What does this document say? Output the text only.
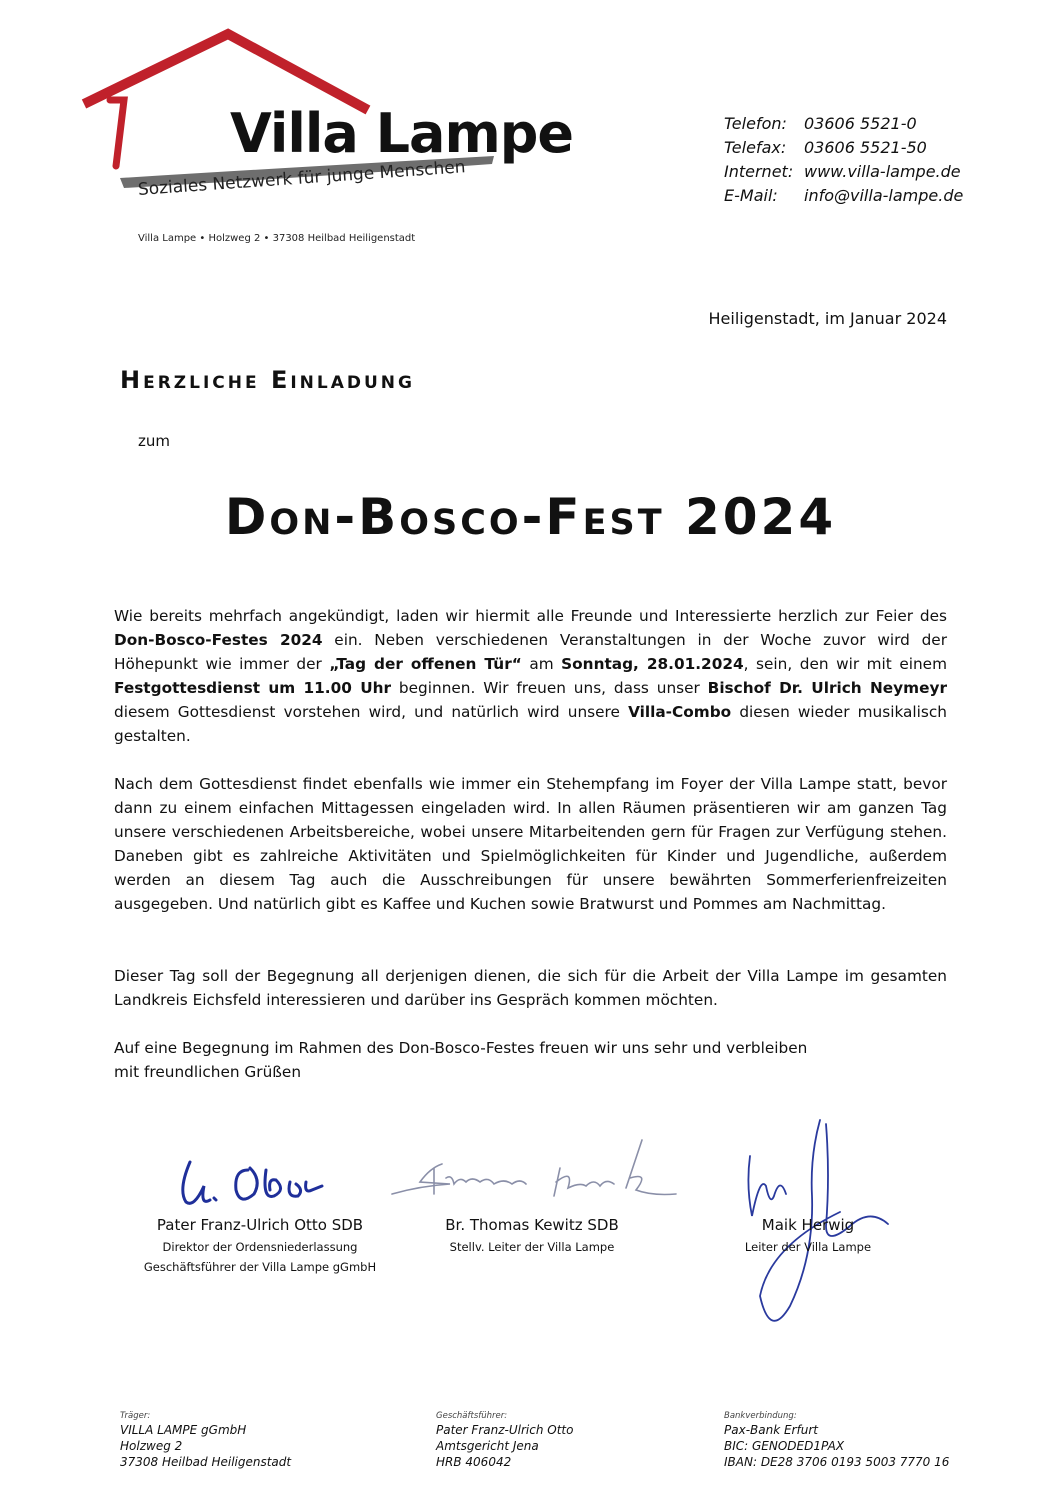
Villa Lampe
Soziales Netzwerk für junge Menschen
Villa Lampe • Holzweg 2 • 37308 Heilbad Heiligenstadt
Telefon:	03606 5521-0
Telefax:	03606 5521-50
Internet: www.villa-lampe.de
E-Mail:	info@villa-lampe.de
Heiligenstadt, im Januar 2024
Herzliche Einladung
zum
Don-Bosco-Fest 2024
Wie bereits mehrfach angekündigt, laden wir hiermit alle Freunde und Interessierte herzlich zur Feier des Don-Bosco-Festes 2024 ein. Neben verschiedenen Veranstaltungen in der Woche zuvor wird der Höhepunkt wie immer der „Tag der offenen Tür“ am Sonntag, 28.01.2024, sein, den wir mit einem Festgottesdienst um 11.00 Uhr beginnen. Wir freuen uns, dass unser Bischof Dr. Ulrich Neymeyr diesem Gottesdienst vorstehen wird, und natürlich wird unsere Villa-Combo diesen wieder musikalisch gestalten.
Nach dem Gottesdienst findet ebenfalls wie immer ein Stehempfang im Foyer der Villa Lampe statt, bevor dann zu einem einfachen Mittagessen eingeladen wird. In allen Räumen präsentieren wir am ganzen Tag unsere verschiedenen Arbeitsbereiche, wobei unsere Mitarbeitenden gern für Fragen zur Verfügung stehen. Daneben gibt es zahlreiche Aktivitäten und Spielmöglichkeiten für Kinder und Jugendliche, außerdem werden an diesem Tag auch die Ausschreibungen für unsere bewährten Sommerferienfreizeiten ausgegeben. Und natürlich gibt es Kaffee und Kuchen sowie Bratwurst und Pommes am Nachmittag.
Dieser Tag soll der Begegnung all derjenigen dienen, die sich für die Arbeit der Villa Lampe im gesamten Landkreis Eichsfeld interessieren und darüber ins Gespräch kommen möchten.
Auf eine Begegnung im Rahmen des Don-Bosco-Festes freuen wir uns sehr und verbleiben
mit freundlichen Grüßen
Pater Franz-Ulrich Otto SDB
Direktor der Ordensniederlassung
Geschäftsführer der Villa Lampe gGmbH
Br. Thomas Kewitz SDB
Stellv. Leiter der Villa Lampe
Maik Herwig
Leiter der Villa Lampe
Träger:
VILLA LAMPE gGmbH
Holzweg 2
37308 Heilbad Heiligenstadt
Geschäftsführer:
Pater Franz-Ulrich Otto
Amtsgericht Jena
HRB 406042
Bankverbindung:
Pax-Bank Erfurt
BIC: GENODED1PAX
IBAN: DE28 3706 0193 5003 7770 16
